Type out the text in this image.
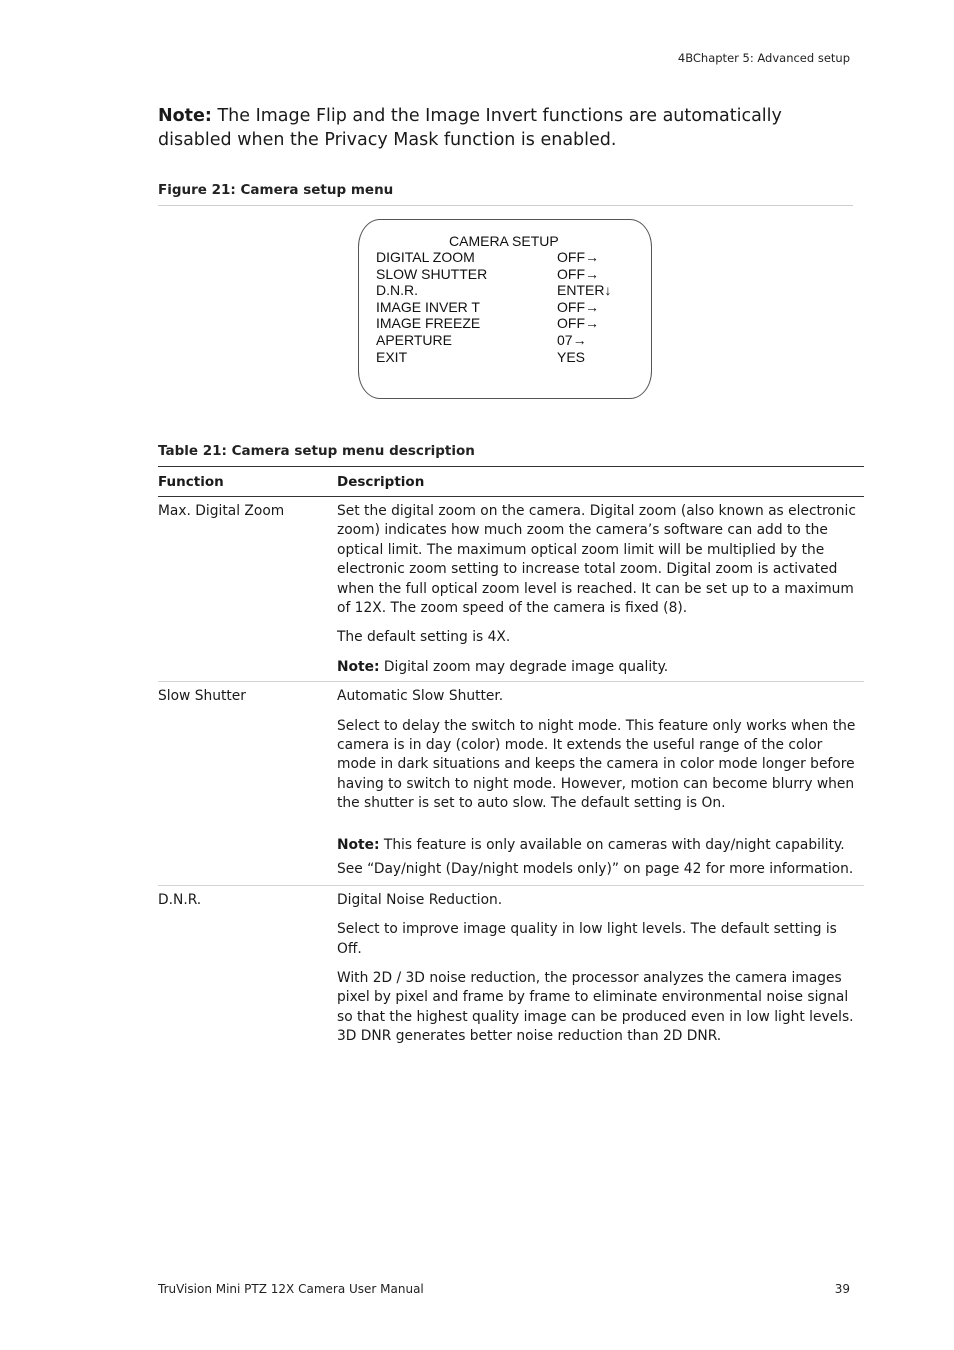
4BChapter 5: Advanced setup
Note: The Image Flip and the Image Invert functions are automatically disabled when the Privacy Mask function is enabled.
Figure 21: Camera setup menu
CAMERA SETUP
DIGITAL ZOOM	OFF→
SLOW SHUTTER	OFF→
D.N.R.	ENTER↓
IMAGE INVER T	OFF→
IMAGE FREEZE	OFF→
APERTURE	07→
EXIT	YES
Table 21: Camera setup menu description
Function	Description
Max. Digital Zoom	Set the digital zoom on the camera. Digital zoom (also known as electronic zoom) indicates how much zoom the camera’s software can add to the optical limit. The maximum optical zoom limit will be multiplied by the electronic zoom setting to increase total zoom. Digital zoom is activated when the full optical zoom level is reached. It can be set up to a maximum of 12X. The zoom speed of the camera is fixed (8).

The default setting is 4X.

Note: Digital zoom may degrade image quality.

Slow Shutter	Automatic Slow Shutter.

Select to delay the switch to night mode. This feature only works when the camera is in day (color) mode. It extends the useful range of the color mode in dark situations and keeps the camera in color mode longer before having to switch to night mode. However, motion can become blurry when the shutter is set to auto slow. The default setting is On.

Note: This feature is only available on cameras with day/night capability. See “Day/night (Day/night models only)” on page 42 for more information.

D.N.R.	Digital Noise Reduction.

Select to improve image quality in low light levels. The default setting is Off.

With 2D / 3D noise reduction, the processor analyzes the camera images pixel by pixel and frame by frame to eliminate environmental noise signal so that the highest quality image can be produced even in low light levels. 3D DNR generates better noise reduction than 2D DNR.

TruVision Mini PTZ 12X Camera User Manual	39
